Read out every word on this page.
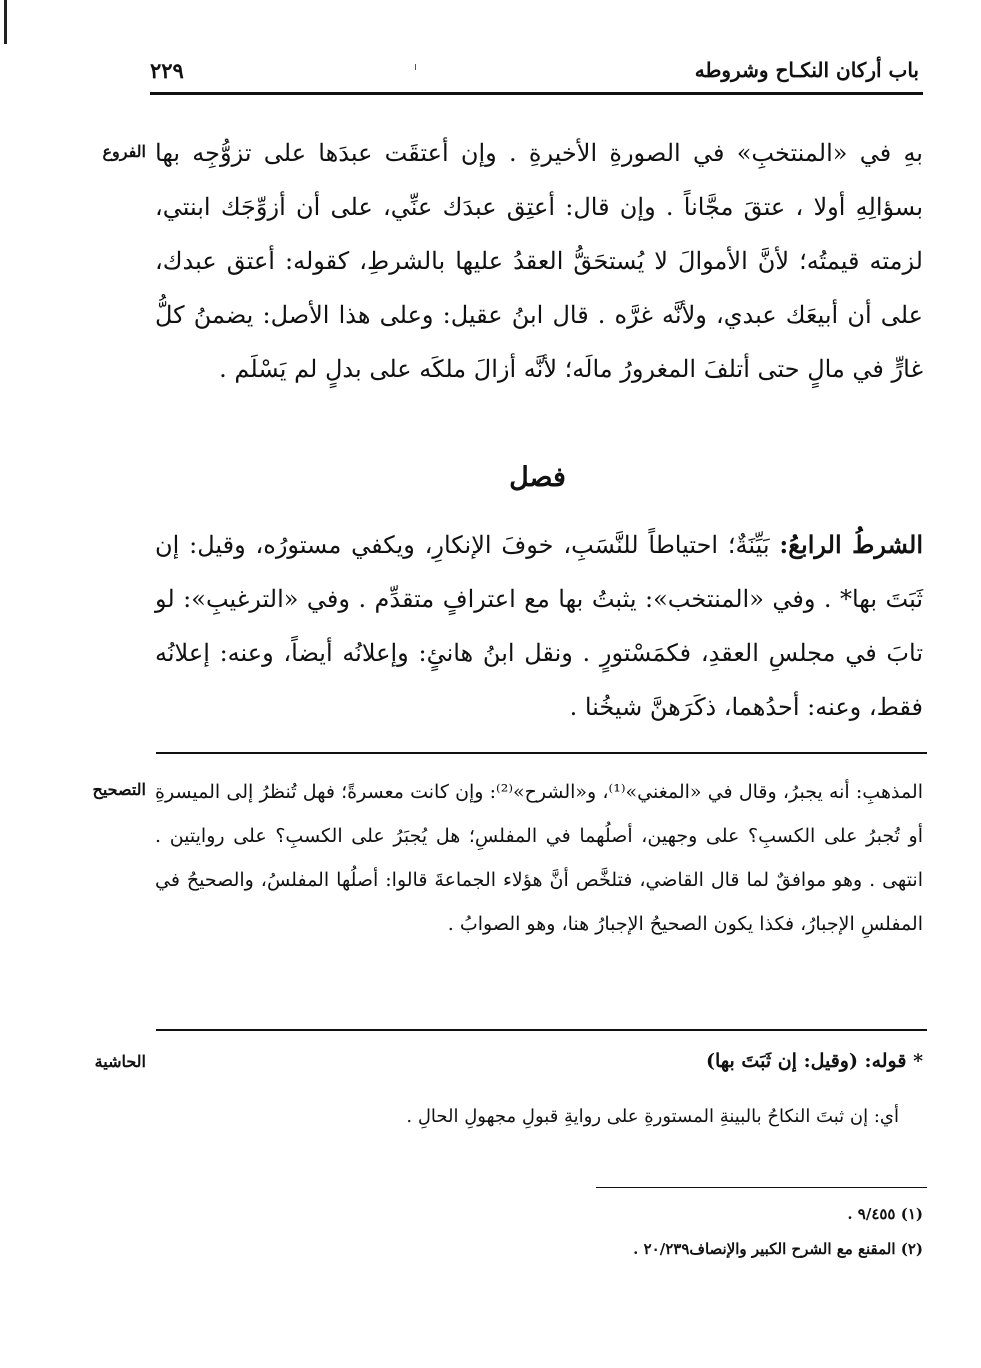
باب أركان النكـاح وشروطه
٢٢٩
الفروع بهِ في «المنتخبِ» في الصورةِ الأخيرةِ . وإن أعتقَت عبدَها على تزوُّجِه بها بسؤالِهِ أولا ، عتقَ مجَّاناً . وإن قال: أعتِق عبدَك عنِّي، على أن أزوِّجَك ابنتي، لزمته قيمتُه؛ لأنَّ الأموالَ لا يُستحَقُّ العقدُ عليها بالشرطِ، كقوله: أعتق عبدك، على أن أبيعَك عبدي، ولأنَّه غرَّه . قال ابنُ عقيل: وعلى هذا الأصل: يضمنُ كلُّ غارٍّ في مالٍ حتى أتلفَ المغرورُ مالَه؛ لأنَّه أزالَ ملكَه على بدلٍ لم يَسْلَم .

فصل

الشرطُ الرابعُ: بَيِّنَةٌ؛ احتياطاً للنَّسَبِ، خوفَ الإنكارِ، ويكفي مستورُه، وقيل: إن ثَبَتَ بها* . وفي «المنتخب»: يثبتُ بها مع اعترافٍ متقدِّم . وفي «الترغيبِ»: لو تابَ في مجلسِ العقدِ، فكمَسْتورٍ . ونقل ابنُ هانئٍ: وإعلانُه أيضاً، وعنه: إعلانُه فقط، وعنه: أحدُهما، ذكَرَهنَّ شيخُنا .

التصحيح المذهبِ: أنه يجبرُ، وقال في «المغني»⁽¹⁾، و«الشرح»⁽²⁾: وإن كانت معسرةً؛ فهل تُنظرُ إلى الميسرةِ أو تُجبرُ على الكسبِ؟ على وجهين، أصلُهما في المفلسِ؛ هل يُجبَرُ على الكسبِ؟ على روايتين . انتهى . وهو موافقٌ لما قال القاضي، فتلخَّص أنَّ هؤلاء الجماعةَ قالوا: أصلُها المفلسُ، والصحيحُ في المفلسِ الإجبارُ، فكذا يكون الصحيحُ الإجبارُ هنا، وهو الصوابُ .

الحاشية	* قوله: (وقيل: إن ثَبَتَ بها)
أي: إن ثبتَ النكاحُ بالبينةِ المستورةِ على روايةِ قبولِ مجهولِ الحالِ .
(١) ٩/٤٥٥ .
(٢) المقنع مع الشرح الكبير والإنصاف٢٠/٢٣٩ .
